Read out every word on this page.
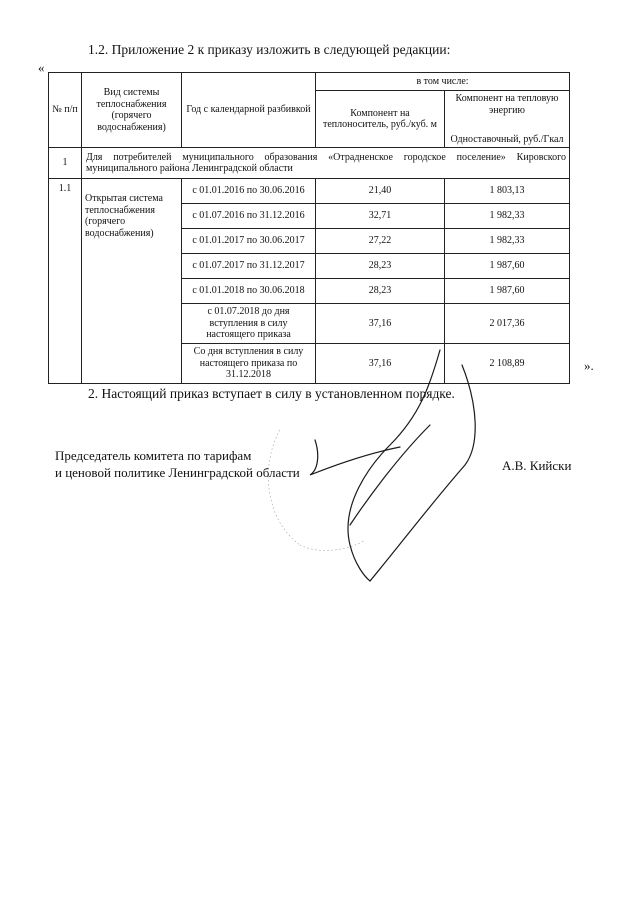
1.2. Приложение 2 к приказу изложить в следующей редакции:
«
№ п/п	Вид системы теплоснабжения (горячего водоснабжения)	Год с календарной разбивкой	в том числе:	
			Компонент на теплоноситель, руб./куб. м	Компонент на тепловую энергию
Одноставочный, руб./Гкал

1	Для потребителей муниципального образования «Отрадненское городское поселение» Кировского муниципального района Ленинградской области			
1.1	Открытая система теплоснабжения (горячего водоснабжения)	с 01.01.2016 по 30.06.2016	21,40	1 803,13
		с 01.07.2016 по 31.12.2016	32,71	1 982,33
		с 01.01.2017 по 30.06.2017	27,22	1 982,33
		с 01.07.2017 по 31.12.2017	28,23	1 987,60
		с 01.01.2018 по 30.06.2018	28,23	1 987,60
		с 01.07.2018 до дня вступления в силу настоящего приказа	37,16	2 017,36
		Со дня вступления в силу настоящего приказа по 31.12.2018	37,16	2 108,89	».
2. Настоящий приказ вступает в силу в установленном порядке.
Председатель комитета по тарифам
и ценовой политике Ленинградской области	А.В. Кийски
